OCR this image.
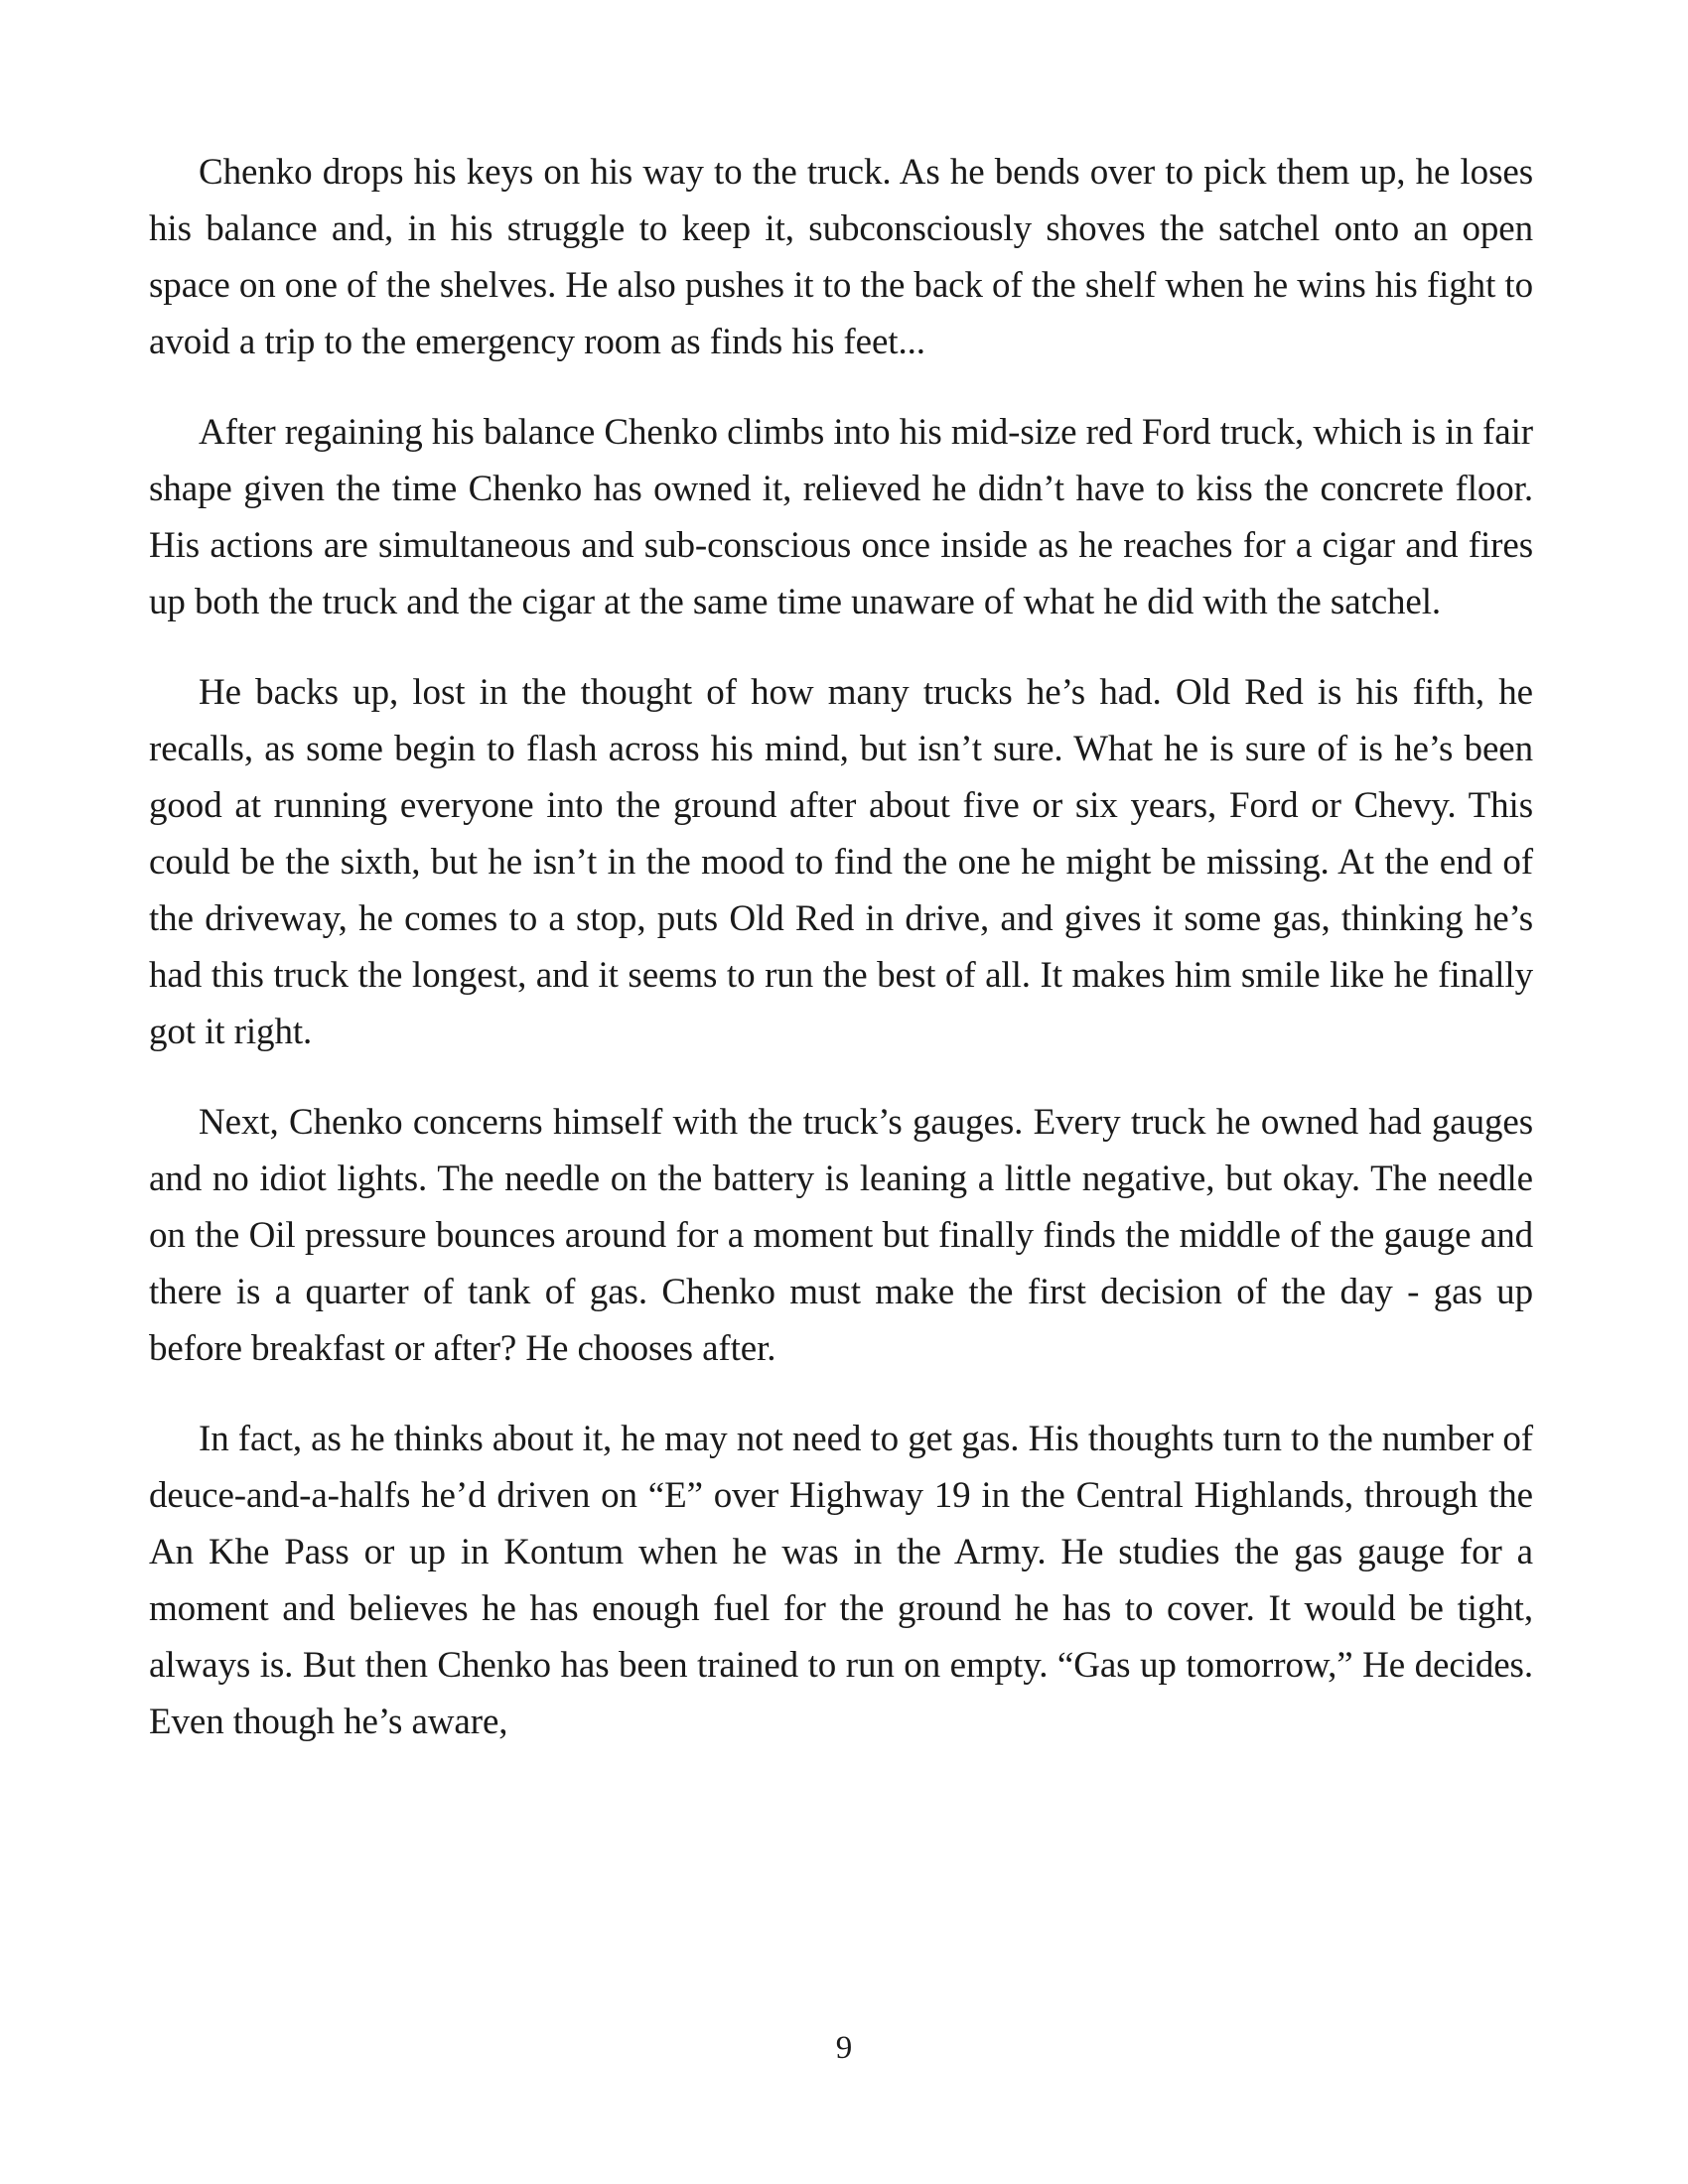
Chenko drops his keys on his way to the truck. As he bends over to pick them up, he loses his balance and, in his struggle to keep it, subconsciously shoves the satchel onto an open space on one of the shelves. He also pushes it to the back of the shelf when he wins his fight to avoid a trip to the emergency room as finds his feet...

After regaining his balance Chenko climbs into his mid-size red Ford truck, which is in fair shape given the time Chenko has owned it, relieved he didn’t have to kiss the concrete floor. His actions are simultaneous and sub-conscious once inside as he reaches for a cigar and fires up both the truck and the cigar at the same time unaware of what he did with the satchel.

He backs up, lost in the thought of how many trucks he’s had. Old Red is his fifth, he recalls, as some begin to flash across his mind, but isn’t sure. What he is sure of is he’s been good at running everyone into the ground after about five or six years, Ford or Chevy. This could be the sixth, but he isn’t in the mood to find the one he might be missing. At the end of the driveway, he comes to a stop, puts Old Red in drive, and gives it some gas, thinking he’s had this truck the longest, and it seems to run the best of all. It makes him smile like he finally got it right.

Next, Chenko concerns himself with the truck’s gauges. Every truck he owned had gauges and no idiot lights. The needle on the battery is leaning a little negative, but okay. The needle on the Oil pressure bounces around for a moment but finally finds the middle of the gauge and there is a quarter of tank of gas. Chenko must make the first decision of the day - gas up before breakfast or after? He chooses after.

In fact, as he thinks about it, he may not need to get gas. His thoughts turn to the number of deuce-and-a-halfs he’d driven on “E” over Highway 19 in the Central Highlands, through the An Khe Pass or up in Kontum when he was in the Army. He studies the gas gauge for a moment and believes he has enough fuel for the ground he has to cover. It would be tight, always is. But then Chenko has been trained to run on empty. “Gas up tomorrow,” He decides. Even though he’s aware,

9
